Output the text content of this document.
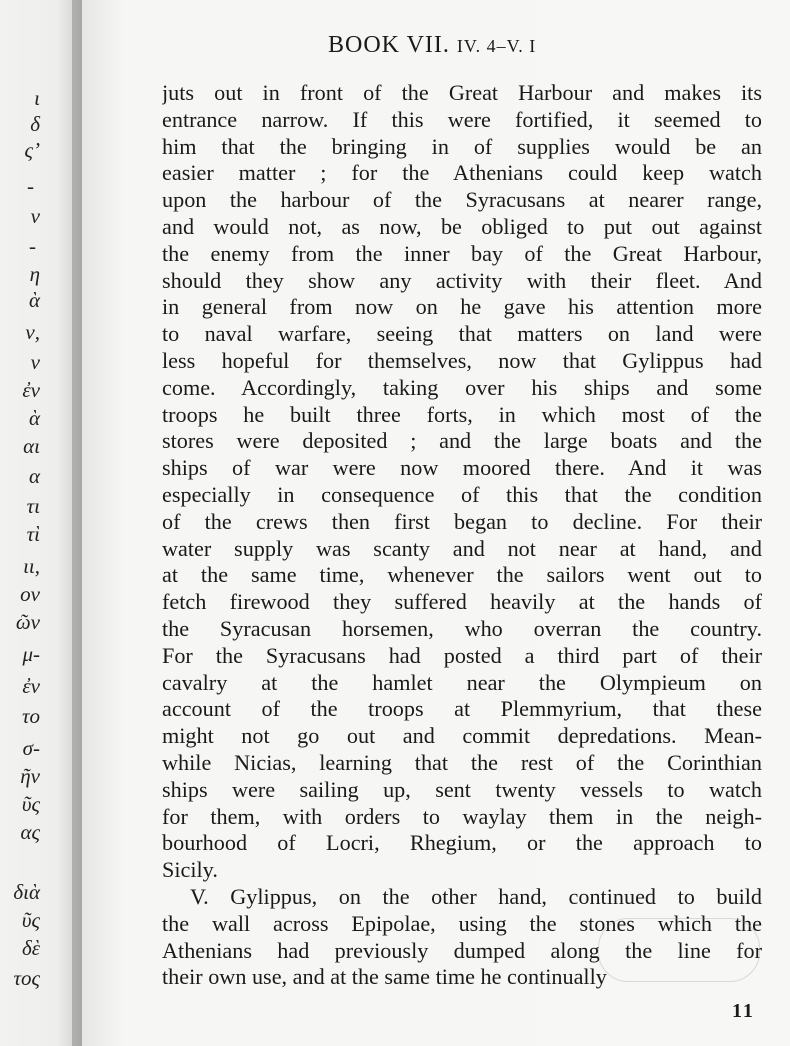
ι
δ
ς’
-
ν
-
η
ὰ
ν,
ν
ἐν
ὰ
αι
α
τι
τὶ
ιι,
ον
ῶν
μ-
ἐν
το
σ-
ῆν
ῦς
ας
διὰ
ῦς
δὲ
τος
BOOK VII. IV. 4–V. I
juts out in front of the Great Harbour and makes its
entrance narrow. If this were fortified, it seemed to
him that the bringing in of supplies would be an
easier matter ; for the Athenians could keep watch
upon the harbour of the Syracusans at nearer range,
and would not, as now, be obliged to put out against
the enemy from the inner bay of the Great Harbour,
should they show any activity with their fleet. And
in general from now on he gave his attention more
to naval warfare, seeing that matters on land were
less hopeful for themselves, now that Gylippus had
come. Accordingly, taking over his ships and some
troops he built three forts, in which most of the
stores were deposited ; and the large boats and the
ships of war were now moored there. And it was
especially in consequence of this that the condition
of the crews then first began to decline. For their
water supply was scanty and not near at hand, and
at the same time, whenever the sailors went out to
fetch firewood they suffered heavily at the hands of
the Syracusan horsemen, who overran the country.
For the Syracusans had posted a third part of their
cavalry at the hamlet near the Olympieum on
account of the troops at Plemmyrium, that these
might not go out and commit depredations. Mean-
while Nicias, learning that the rest of the Corinthian
ships were sailing up, sent twenty vessels to watch
for them, with orders to waylay them in the neigh-
bourhood of Locri, Rhegium, or the approach to
Sicily.
V. Gylippus, on the other hand, continued to build
the wall across Epipolae, using the stones which the
Athenians had previously dumped along the line for
their own use, and at the same time he continually
11
